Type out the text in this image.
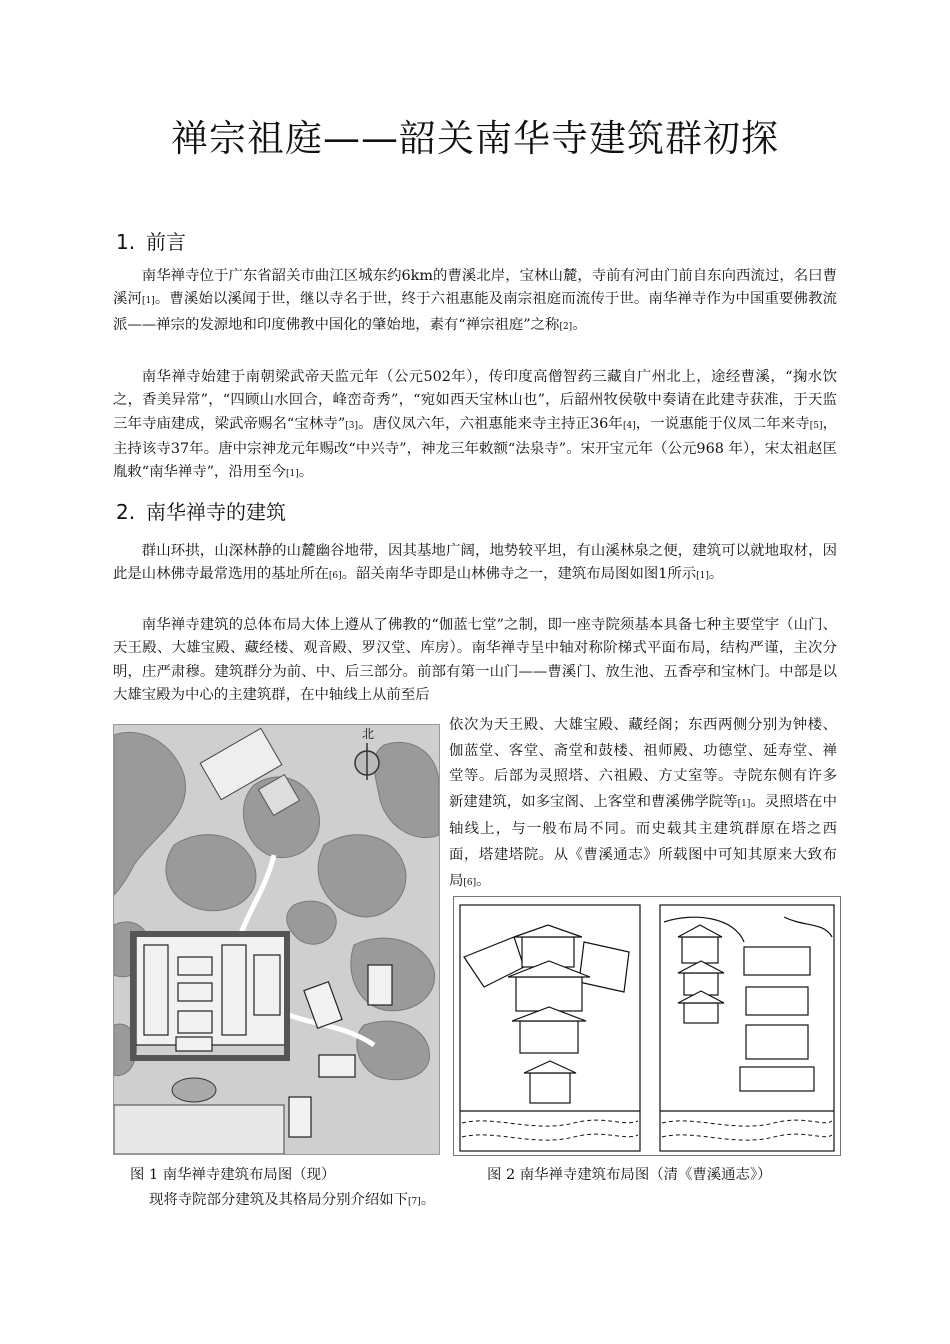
禅宗祖庭——韶关南华寺建筑群初探
1. 前言

南华禅寺位于广东省韶关市曲江区城东约6km的曹溪北岸，宝林山麓，寺前有河由门前自东向西流过，名曰曹溪河[1]。曹溪始以溪闻于世，继以寺名于世，终于六祖惠能及南宗祖庭而流传于世。南华禅寺作为中国重要佛教流派——禅宗的发源地和印度佛教中国化的肇始地，素有“禅宗祖庭”之称[2]。

南华禅寺始建于南朝梁武帝天监元年（公元502年），传印度高僧智药三藏自广州北上，途经曹溪，“掬水饮之，香美异常”，“四顾山水回合，峰峦奇秀”，“宛如西天宝林山也”，后韶州牧侯敬中奏请在此建寺获准，于天监三年寺庙建成，梁武帝赐名“宝林寺”[3]。唐仪凤六年，六祖惠能来寺主持正36年[4]，一说惠能于仪凤二年来寺[5]，主持该寺37年。唐中宗神龙元年赐改“中兴寺”，神龙三年敕额“法泉寺”。宋开宝元年（公元968 年），宋太祖赵匡胤敕“南华禅寺”，沿用至今[1]。

2. 南华禅寺的建筑

群山环拱，山深林静的山麓幽谷地带，因其基地广阔，地势较平坦，有山溪林泉之便，建筑可以就地取材，因此是山林佛寺最常选用的基址所在[6]。韶关南华寺即是山林佛寺之一，建筑布局图如图1所示[1]。

南华禅寺建筑的总体布局大体上遵从了佛教的“伽蓝七堂”之制，即一座寺院须基本具备七种主要堂宇（山门、天王殿、大雄宝殿、藏经楼、观音殿、罗汉堂、库房）。南华禅寺呈中轴对称阶梯式平面布局，结构严谨，主次分明，庄严肃穆。建筑群分为前、中、后三部分。前部有第一山门——曹溪门、放生池、五香亭和宝林门。中部是以大雄宝殿为中心的主建筑群，在中轴线上从前至后

依次为天王殿、大雄宝殿、藏经阁；东西两侧分别为钟楼、伽蓝堂、客堂、斋堂和鼓楼、祖师殿、功德堂、延寿堂、禅堂等。后部为灵照塔、六祖殿、方丈室等。寺院东侧有许多新建建筑，如多宝阁、上客堂和曹溪佛学院等[1]。灵照塔在中轴线上，与一般布局不同。而史载其主建筑群原在塔之西面，塔建塔院。从《曹溪通志》所载图中可知其原来大致布局[6]。

北
图 1 南华禅寺建筑布局图（现）	图 2 南华禅寺建筑布局图（清《曹溪通志》）

现将寺院部分建筑及其格局分别介绍如下[7]。
